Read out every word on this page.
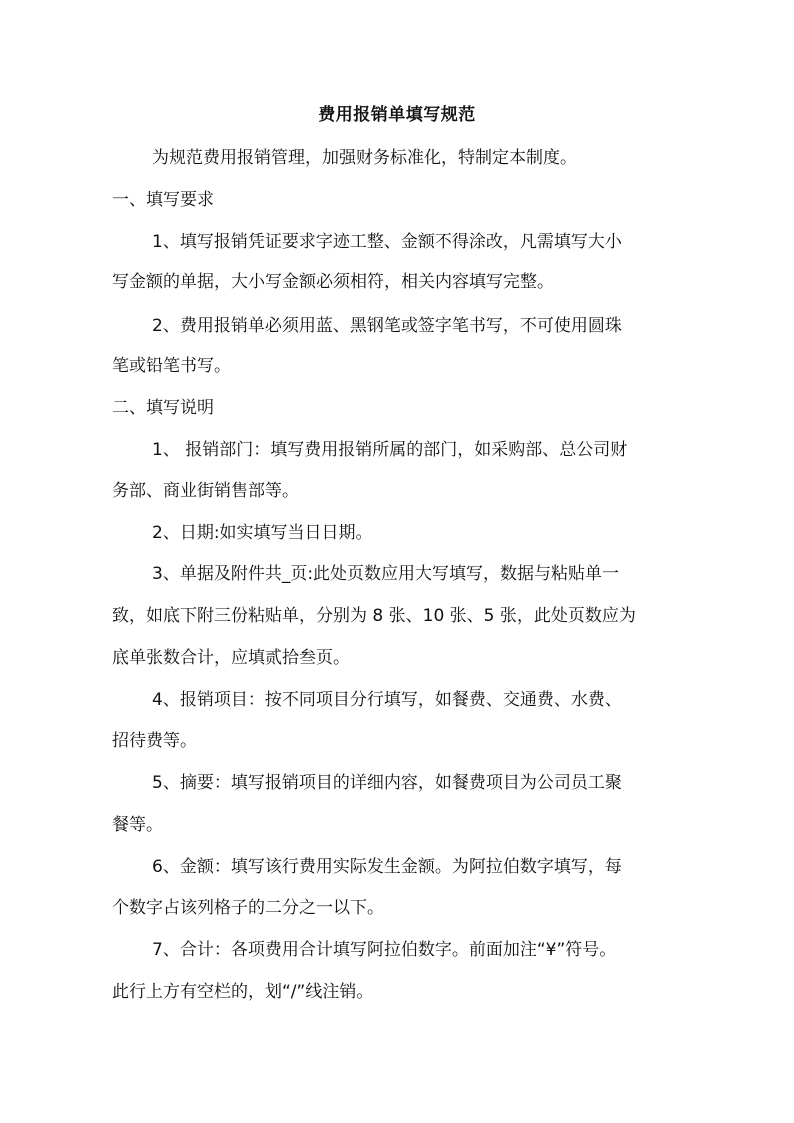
费用报销单填写规范
为规范费用报销管理，加强财务标准化，特制定本制度。
一、填写要求
1、填写报销凭证要求字迹工整、金额不得涂改，凡需填写大小
写金额的单据，大小写金额必须相符，相关内容填写完整。
2、费用报销单必须用蓝、黑钢笔或签字笔书写，不可使用圆珠
笔或铅笔书写。
二、填写说明
1、 报销部门：填写费用报销所属的部门，如采购部、总公司财
务部、商业街销售部等。
2、日期:如实填写当日日期。
3、单据及附件共_页:此处页数应用大写填写，数据与粘贴单一
致，如底下附三份粘贴单，分别为 8 张、10 张、5 张，此处页数应为
底单张数合计，应填贰拾叁页。
4、报销项目：按不同项目分行填写，如餐费、交通费、水费、
招待费等。
5、摘要：填写报销项目的详细内容，如餐费项目为公司员工聚
餐等。
6、金额：填写该行费用实际发生金额。为阿拉伯数字填写，每
个数字占该列格子的二分之一以下。
7、合计：各项费用合计填写阿拉伯数字。前面加注“¥”符号。
此行上方有空栏的，划“/”线注销。
